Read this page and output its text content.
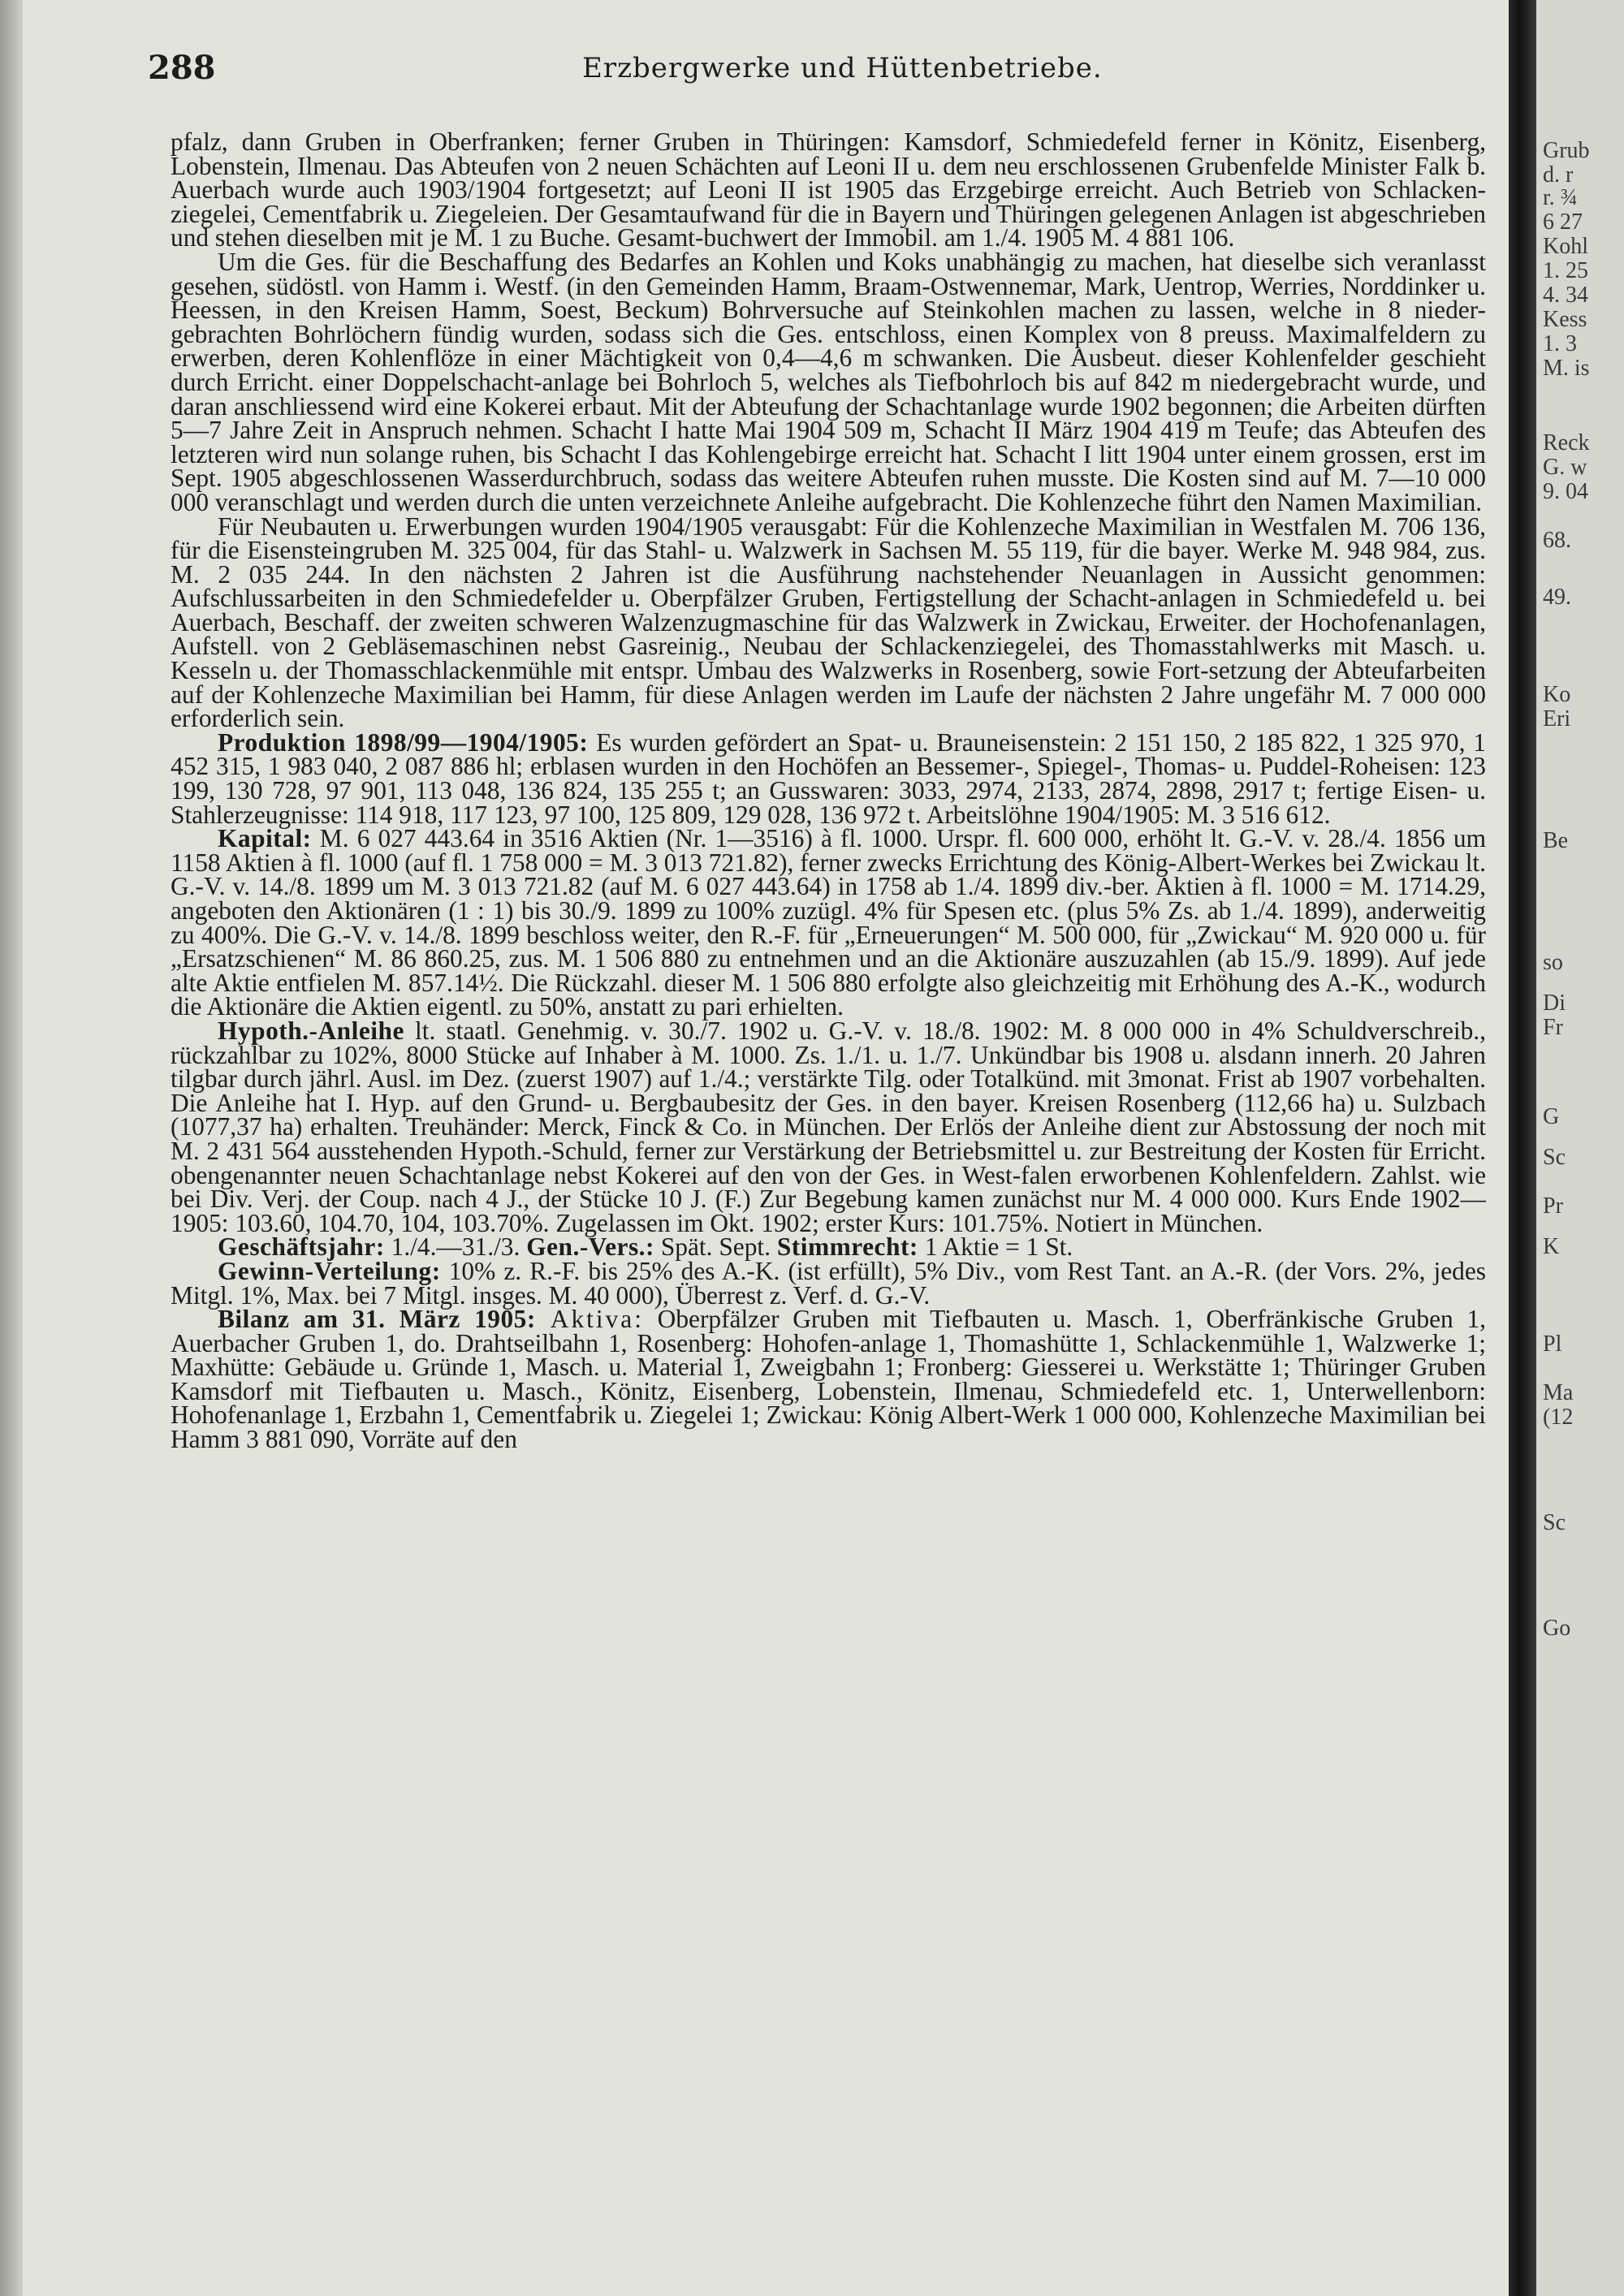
288	Erzbergwerke und Hüttenbetriebe.

pfalz, dann Gruben in Oberfranken; ferner Gruben in Thüringen: Kamsdorf, Schmiedefeld ferner in Könitz, Eisenberg, Lobenstein, Ilmenau. Das Abteufen von 2 neuen Schächten auf Leoni II u. dem neu erschlossenen Grubenfelde Minister Falk b. Auerbach wurde auch 1903/1904 fortgesetzt; auf Leoni II ist 1905 das Erzgebirge erreicht. Auch Betrieb von Schlacken-ziegelei, Cementfabrik u. Ziegeleien. Der Gesamtaufwand für die in Bayern und Thüringen gelegenen Anlagen ist abgeschrieben und stehen dieselben mit je M. 1 zu Buche. Gesamt-buchwert der Immobil. am 1./4. 1905 M. 4 881 106.

Um die Ges. für die Beschaffung des Bedarfes an Kohlen und Koks unabhängig zu machen, hat dieselbe sich veranlasst gesehen, südöstl. von Hamm i. Westf. (in den Gemeinden Hamm, Braam-Ostwennemar, Mark, Uentrop, Werries, Norddinker u. Heessen, in den Kreisen Hamm, Soest, Beckum) Bohrversuche auf Steinkohlen machen zu lassen, welche in 8 nieder-gebrachten Bohrlöchern fündig wurden, sodass sich die Ges. entschloss, einen Komplex von 8 preuss. Maximalfeldern zu erwerben, deren Kohlenflöze in einer Mächtigkeit von 0,4—4,6 m schwanken. Die Ausbeut. dieser Kohlenfelder geschieht durch Erricht. einer Doppelschacht-anlage bei Bohrloch 5, welches als Tiefbohrloch bis auf 842 m niedergebracht wurde, und daran anschliessend wird eine Kokerei erbaut. Mit der Abteufung der Schachtanlage wurde 1902 begonnen; die Arbeiten dürften 5—7 Jahre Zeit in Anspruch nehmen. Schacht I hatte Mai 1904 509 m, Schacht II März 1904 419 m Teufe; das Abteufen des letzteren wird nun solange ruhen, bis Schacht I das Kohlengebirge erreicht hat. Schacht I litt 1904 unter einem grossen, erst im Sept. 1905 abgeschlossenen Wasserdurchbruch, sodass das weitere Abteufen ruhen musste. Die Kosten sind auf M. 7—10 000 000 veranschlagt und werden durch die unten verzeichnete Anleihe aufgebracht. Die Kohlenzeche führt den Namen Maximilian.

Für Neubauten u. Erwerbungen wurden 1904/1905 verausgabt: Für die Kohlenzeche Maximilian in Westfalen M. 706 136, für die Eisensteingruben M. 325 004, für das Stahl- u. Walzwerk in Sachsen M. 55 119, für die bayer. Werke M. 948 984, zus. M. 2 035 244. In den nächsten 2 Jahren ist die Ausführung nachstehender Neuanlagen in Aussicht genommen: Aufschlussarbeiten in den Schmiedefelder u. Oberpfälzer Gruben, Fertigstellung der Schacht-anlagen in Schmiedefeld u. bei Auerbach, Beschaff. der zweiten schweren Walzenzugmaschine für das Walzwerk in Zwickau, Erweiter. der Hochofenanlagen, Aufstell. von 2 Gebläsemaschinen nebst Gasreinig., Neubau der Schlackenziegelei, des Thomasstahlwerks mit Masch. u. Kesseln u. der Thomasschlackenmühle mit entspr. Umbau des Walzwerks in Rosenberg, sowie Fort-setzung der Abteufarbeiten auf der Kohlenzeche Maximilian bei Hamm, für diese Anlagen werden im Laufe der nächsten 2 Jahre ungefähr M. 7 000 000 erforderlich sein.

Produktion 1898/99—1904/1905: Es wurden gefördert an Spat- u. Brauneisenstein: 2 151 150, 2 185 822, 1 325 970, 1 452 315, 1 983 040, 2 087 886 hl; erblasen wurden in den Hochöfen an Bessemer-, Spiegel-, Thomas- u. Puddel-Roheisen: 123 199, 130 728, 97 901, 113 048, 136 824, 135 255 t; an Gusswaren: 3033, 2974, 2133, 2874, 2898, 2917 t; fertige Eisen- u. Stahlerzeugnisse: 114 918, 117 123, 97 100, 125 809, 129 028, 136 972 t. Arbeitslöhne 1904/1905: M. 3 516 612.

Kapital: M. 6 027 443.64 in 3516 Aktien (Nr. 1—3516) à fl. 1000. Urspr. fl. 600 000, erhöht lt. G.-V. v. 28./4. 1856 um 1158 Aktien à fl. 1000 (auf fl. 1 758 000 = M. 3 013 721.82), ferner zwecks Errichtung des König-Albert-Werkes bei Zwickau lt. G.-V. v. 14./8. 1899 um M. 3 013 721.82 (auf M. 6 027 443.64) in 1758 ab 1./4. 1899 div.-ber. Aktien à fl. 1000 = M. 1714.29, angeboten den Aktionären (1 : 1) bis 30./9. 1899 zu 100% zuzügl. 4% für Spesen etc. (plus 5% Zs. ab 1./4. 1899), anderweitig zu 400%. Die G.-V. v. 14./8. 1899 beschloss weiter, den R.-F. für „Erneuerungen“ M. 500 000, für „Zwickau“ M. 920 000 u. für „Ersatzschienen“ M. 86 860.25, zus. M. 1 506 880 zu entnehmen und an die Aktionäre auszuzahlen (ab 15./9. 1899). Auf jede alte Aktie entfielen M. 857.14½. Die Rückzahl. dieser M. 1 506 880 erfolgte also gleichzeitig mit Erhöhung des A.-K., wodurch die Aktionäre die Aktien eigentl. zu 50%, anstatt zu pari erhielten.

Hypoth.-Anleihe lt. staatl. Genehmig. v. 30./7. 1902 u. G.-V. v. 18./8. 1902: M. 8 000 000 in 4% Schuldverschreib., rückzahlbar zu 102%, 8000 Stücke auf Inhaber à M. 1000. Zs. 1./1. u. 1./7. Unkündbar bis 1908 u. alsdann innerh. 20 Jahren tilgbar durch jährl. Ausl. im Dez. (zuerst 1907) auf 1./4.; verstärkte Tilg. oder Totalkünd. mit 3monat. Frist ab 1907 vorbehalten. Die Anleihe hat I. Hyp. auf den Grund- u. Bergbaubesitz der Ges. in den bayer. Kreisen Rosenberg (112,66 ha) u. Sulzbach (1077,37 ha) erhalten. Treuhänder: Merck, Finck & Co. in München. Der Erlös der Anleihe dient zur Abstossung der noch mit M. 2 431 564 ausstehenden Hypoth.-Schuld, ferner zur Verstärkung der Betriebsmittel u. zur Bestreitung der Kosten für Erricht. obengenannter neuen Schachtanlage nebst Kokerei auf den von der Ges. in West-falen erworbenen Kohlenfeldern. Zahlst. wie bei Div. Verj. der Coup. nach 4 J., der Stücke 10 J. (F.) Zur Begebung kamen zunächst nur M. 4 000 000. Kurs Ende 1902—1905: 103.60, 104.70, 104, 103.70%. Zugelassen im Okt. 1902; erster Kurs: 101.75%. Notiert in München.

Geschäftsjahr: 1./4.—31./3. Gen.-Vers.: Spät. Sept. Stimmrecht: 1 Aktie = 1 St.

Gewinn-Verteilung: 10% z. R.-F. bis 25% des A.-K. (ist erfüllt), 5% Div., vom Rest Tant. an A.-R. (der Vors. 2%, jedes Mitgl. 1%, Max. bei 7 Mitgl. insges. M. 40 000), Überrest z. Verf. d. G.-V.

Bilanz am 31. März 1905: Aktiva: Oberpfälzer Gruben mit Tiefbauten u. Masch. 1, Oberfränkische Gruben 1, Auerbacher Gruben 1, do. Drahtseilbahn 1, Rosenberg: Hohofen-anlage 1, Thomashütte 1, Schlackenmühle 1, Walzwerke 1; Maxhütte: Gebäude u. Gründe 1, Masch. u. Material 1, Zweigbahn 1; Fronberg: Giesserei u. Werkstätte 1; Thüringer Gruben Kamsdorf mit Tiefbauten u. Masch., Könitz, Eisenberg, Lobenstein, Ilmenau, Schmiedefeld etc. 1, Unterwellenborn: Hohofenanlage 1, Erzbahn 1, Cementfabrik u. Ziegelei 1; Zwickau: König Albert-Werk 1 000 000, Kohlenzeche Maximilian bei Hamm 3 881 090, Vorräte auf den

Grub
d. r
r. ¾
6 27
Kohl
1. 25
4. 34
Kess
1. 3
M. is
Reck
G. w
9. 04
68.
49.
Ko
Eri
Be
so
Di
Fr
G
Sc
Pr
K
Pl
Ma
(12
Sc
Go
